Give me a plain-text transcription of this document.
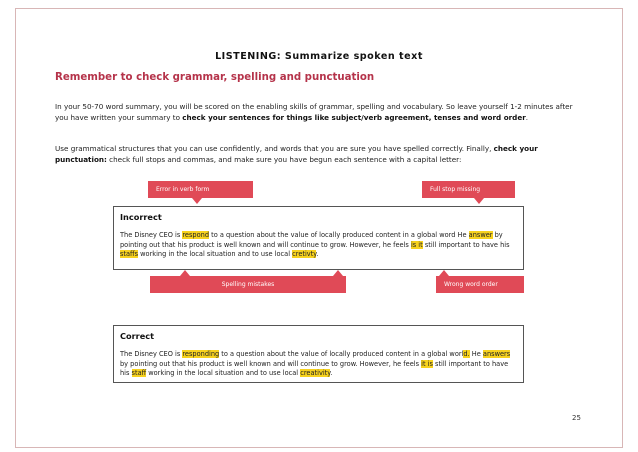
LISTENING: Summarize spoken text
Remember to check grammar, spelling and punctuation
In your 50-70 word summary, you will be scored on the enabling skills of grammar, spelling and vocabulary. So leave yourself 1-2 minutes after you have written your summary to check your sentences for things like subject/verb agreement, tenses and word order.
Use grammatical structures that you can use confidently, and words that you are sure you have spelled correctly. Finally, check your punctuation: check full stops and commas, and make sure you have begun each sentence with a capital letter:
Error in verb form	Full stop missing
Incorrect
The Disney CEO is respond to a question about the value of locally produced content in a global word He answer by pointing out that his product is well known and will continue to grow. However, he feels is it still important to have his staffs working in the local situation and to use local cretivty.
Spelling mistakes	Wrong word order
Correct
The Disney CEO is responding to a question about the value of locally produced content in a global world. He answers by pointing out that his product is well known and will continue to grow. However, he feels it is still important to have his staff working in the local situation and to use local creativity.
25
